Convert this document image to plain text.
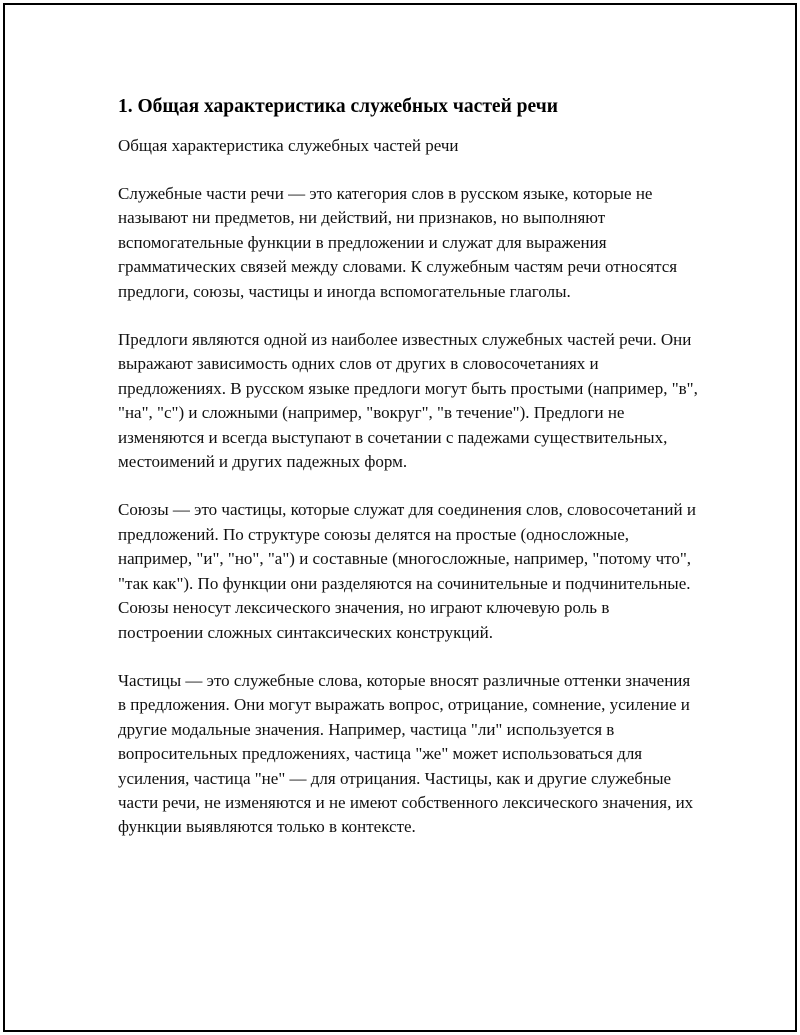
1. Общая характеристика служебных частей речи

Общая характеристика служебных частей речи

Служебные части речи — это категория слов в русском языке, которые не называют ни предметов, ни действий, ни признаков, но выполняют вспомогательные функции в предложении и служат для выражения грамматических связей между словами. К служебным частям речи относятся предлоги, союзы, частицы и иногда вспомогательные глаголы.

Предлоги являются одной из наиболее известных служебных частей речи. Они выражают зависимость одних слов от других в словосочетаниях и предложениях. В русском языке предлоги могут быть простыми (например, "в", "на", "с") и сложными (например, "вокруг", "в течение"). Предлоги не изменяются и всегда выступают в сочетании с падежами существительных, местоимений и других падежных форм.

Союзы — это частицы, которые служат для соединения слов, словосочетаний и предложений. По структуре союзы делятся на простые (односложные, например, "и", "но", "а") и составные (многосложные, например, "потому что", "так как"). По функции они разделяются на сочинительные и подчинительные. Союзы неносут лексического значения, но играют ключевую роль в построении сложных синтаксических конструкций.

Частицы — это служебные слова, которые вносят различные оттенки значения в предложения. Они могут выражать вопрос, отрицание, сомнение, усиление и другие модальные значения. Например, частица "ли" используется в вопросительных предложениях, частица "же" может использоваться для усиления, частица "не" — для отрицания. Частицы, как и другие служебные части речи, не изменяются и не имеют собственного лексического значения, их функции выявляются только в контексте.
